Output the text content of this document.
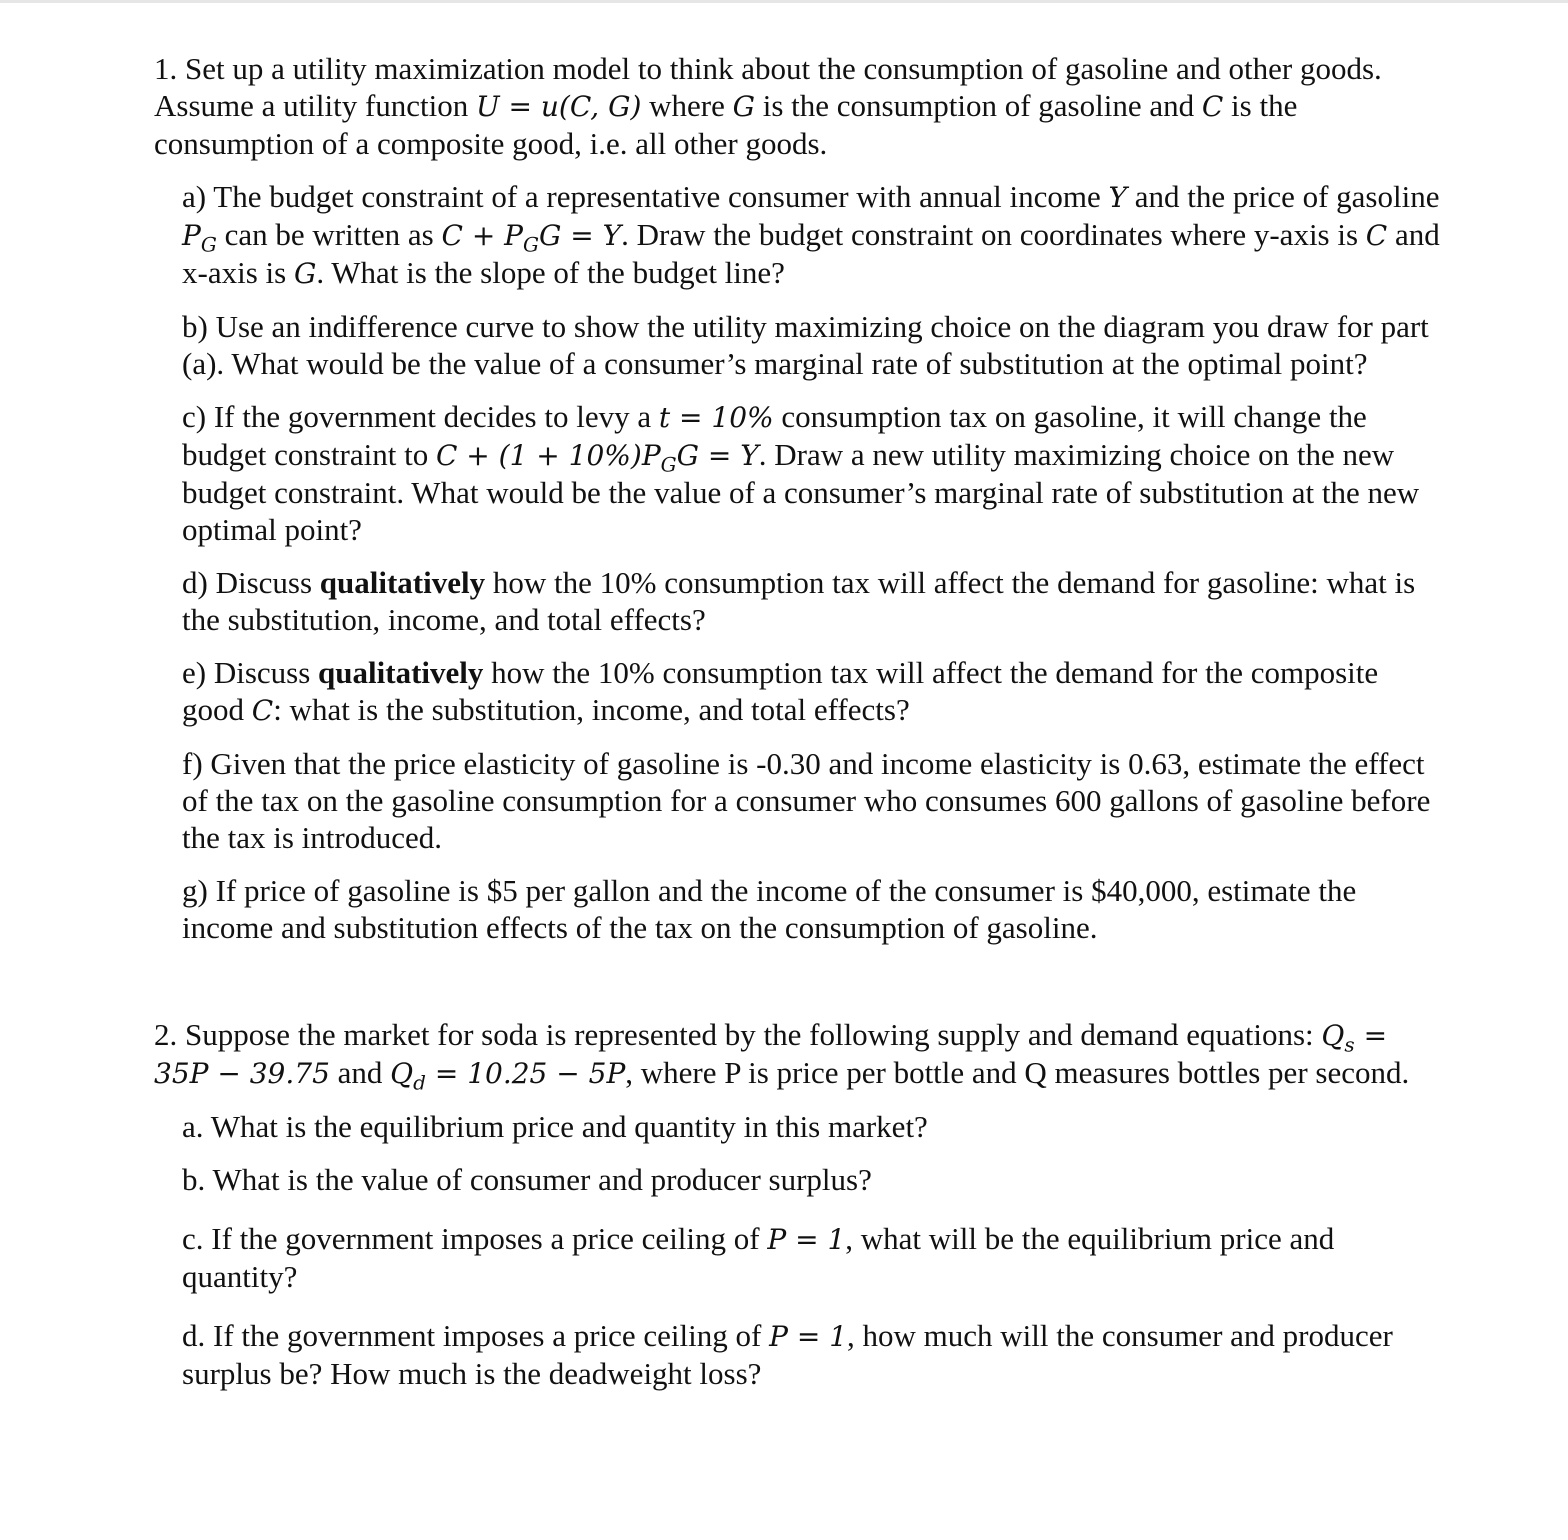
1. Set up a utility maximization model to think about the consumption of gasoline and other goods. Assume a utility function U = u(C, G) where G is the consumption of gasoline and C is the consumption of a composite good, i.e. all other goods.

a) The budget constraint of a representative consumer with annual income Y and the price of gasoline $P_G$ can be written as $C + P_GG = Y$. Draw the budget constraint on coordinates where y-axis is C and x-axis is G. What is the slope of the budget line?

b) Use an indifference curve to show the utility maximizing choice on the diagram you draw for part (a). What would be the value of a consumer’s marginal rate of substitution at the optimal point?

c) If the government decides to levy a t = 10% consumption tax on gasoline, it will change the budget constraint to $C + (1 + 10\%)P_GG = Y$. Draw a new utility maximizing choice on the new budget constraint. What would be the value of a consumer’s marginal rate of substitution at the new optimal point?

d) Discuss qualitatively how the 10% consumption tax will affect the demand for gasoline: what is the substitution, income, and total effects?

e) Discuss qualitatively how the 10% consumption tax will affect the demand for the composite good C: what is the substitution, income, and total effects?

f) Given that the price elasticity of gasoline is -0.30 and income elasticity is 0.63, estimate the effect of the tax on the gasoline consumption for a consumer who consumes 600 gallons of gasoline before the tax is introduced.

g) If price of gasoline is $5 per gallon and the income of the consumer is $40,000, estimate the income and substitution effects of the tax on the consumption of gasoline.

2. Suppose the market for soda is represented by the following supply and demand equations: $Q_s = 35P - 39.75$ and $Q_d = 10.25 - 5P$, where P is price per bottle and Q measures bottles per second.

a. What is the equilibrium price and quantity in this market?

b. What is the value of consumer and producer surplus?

c. If the government imposes a price ceiling of P = 1, what will be the equilibrium price and quantity?

d. If the government imposes a price ceiling of P = 1, how much will the consumer and producer surplus be? How much is the deadweight loss?
